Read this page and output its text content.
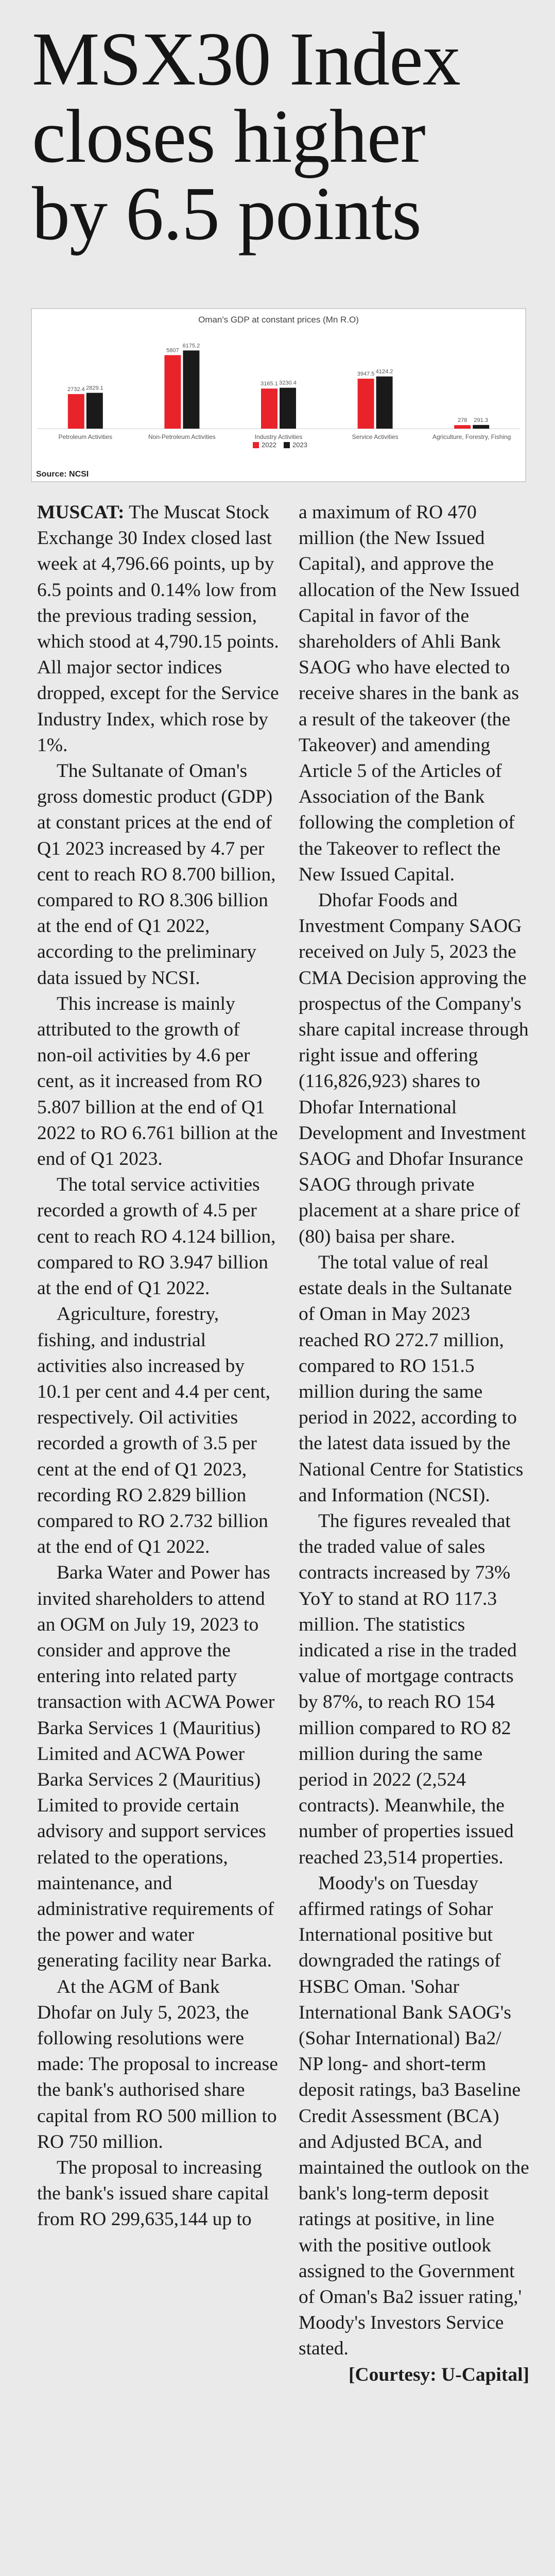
MSX30 Index
closes higher
by 6.5 points
Oman's GDP at constant prices (Mn R.O)
2732.4 2829.1
Petroleum Activities
5807
6175.2
Non-Petroleum Activities
3165.1 3230.4
Industry Activities
3947.5 4124.2
Service Activities
278 291.3
Agriculture, Forestry, Fishing
2022 2023
Source: NCSI

MUSCAT: The Muscat Stock Exchange 30 Index closed last week at 4,796.66 points, up by 6.5 points and 0.14% low from the previous trading session, which stood at 4,790.15 points. All major sector indices dropped, except for the Service Industry Index, which rose by 1%.

The Sultanate of Oman's gross domestic product (GDP) at constant prices at the end of Q1 2023 increased by 4.7 per cent to reach RO 8.700 billion, compared to RO 8.306 billion at the end of Q1 2022, according to the preliminary data issued by NCSI.

This increase is mainly attributed to the growth of non-oil activities by 4.6 per cent, as it increased from RO 5.807 billion at the end of Q1 2022 to RO 6.761 billion at the end of Q1 2023.

The total service activities recorded a growth of 4.5 per cent to reach RO 4.124 billion, compared to RO 3.947 billion at the end of Q1 2022.

Agriculture, forestry, fishing, and industrial activities also increased by 10.1 per cent and 4.4 per cent, respectively. Oil activities recorded a growth of 3.5 per cent at the end of Q1 2023, recording RO 2.829 billion compared to RO 2.732 billion at the end of Q1 2022.

Barka Water and Power has invited shareholders to attend an OGM on July 19, 2023 to consider and approve the entering into related party transaction with ACWA Power Barka Services 1 (Mauritius) Limited and ACWA Power Barka Services 2 (Mauritius) Limited to provide certain advisory and support services related to the operations, maintenance, and administrative requirements of the power and water generating facility near Barka.

At the AGM of Bank Dhofar on July 5, 2023, the following resolutions were made: The proposal to increase the bank's authorised share capital from RO 500 million to RO 750 million.

The proposal to increasing the bank's issued share capital from RO 299,635,144 up to

a maximum of RO 470 million (the New Issued Capital), and approve the allocation of the New Issued Capital in favor of the shareholders of Ahli Bank SAOG who have elected to receive shares in the bank as a result of the takeover (the Takeover) and amending Article 5 of the Articles of Association of the Bank following the completion of the Takeover to reflect the New Issued Capital.

Dhofar Foods and Investment Company SAOG received on July 5, 2023 the CMA Decision approving the prospectus of the Company's share capital increase through right issue and offering (116,826,923) shares to Dhofar International Development and Investment SAOG and Dhofar Insurance SAOG through private placement at a share price of (80) baisa per share.

The total value of real estate deals in the Sultanate of Oman in May 2023 reached RO 272.7 million, compared to RO 151.5 million during the same period in 2022, according to the latest data issued by the National Centre for Statistics and Information (NCSI).

The figures revealed that the traded value of sales contracts increased by 73% YoY to stand at RO 117.3 million. The statistics indicated a rise in the traded value of mortgage contracts by 87%, to reach RO 154 million compared to RO 82 million during the same period in 2022 (2,524 contracts). Meanwhile, the number of properties issued reached 23,514 properties.

Moody's on Tuesday affirmed ratings of Sohar International positive but downgraded the ratings of HSBC Oman. 'Sohar International Bank SAOG's (Sohar International) Ba2/ NP long- and short-term deposit ratings, ba3 Baseline Credit Assessment (BCA) and Adjusted BCA, and maintained the outlook on the bank's long-term deposit ratings at positive, in line with the positive outlook assigned to the Government of Oman's Ba2 issuer rating,' Moody's Investors Service stated.

[Courtesy: U-Capital]
